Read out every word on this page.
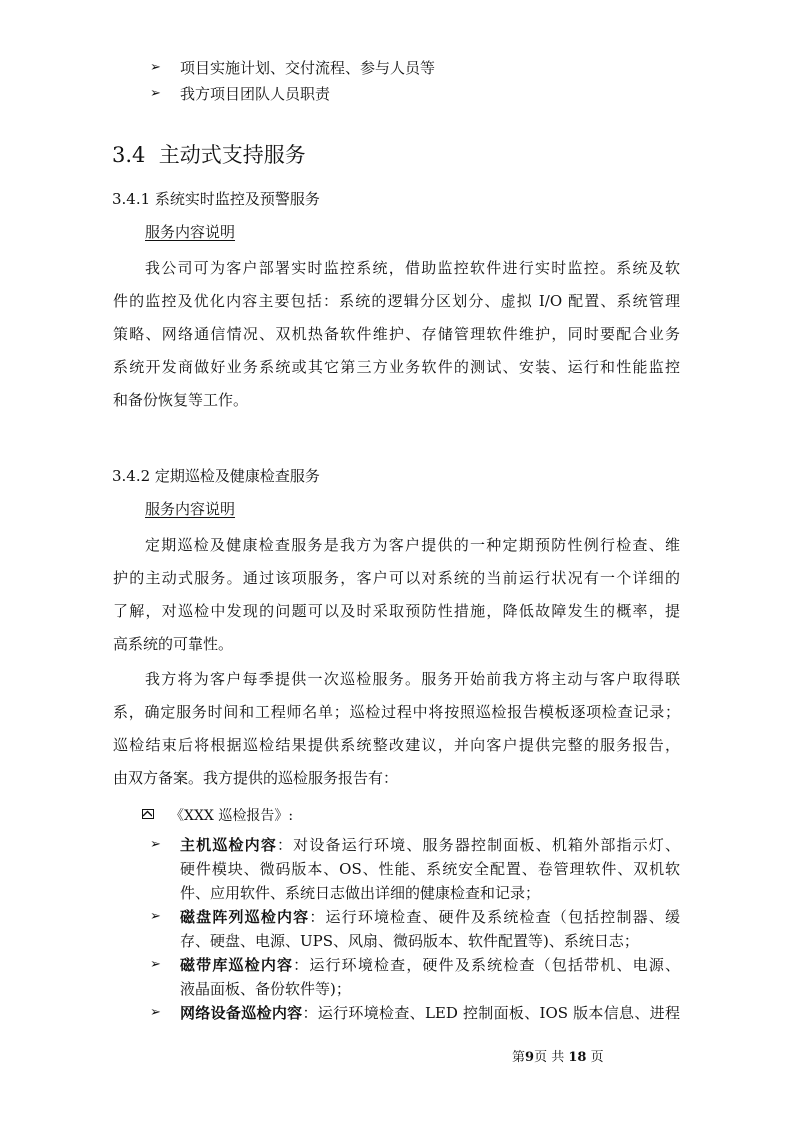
➢ 项目实施计划、交付流程、参与人员等
➢ 我方项目团队人员职责
3.4 主动式支持服务
3.4.1 系统实时监控及预警服务
服务内容说明
我公司可为客户部署实时监控系统，借助监控软件进行实时监控。系统及软
件的监控及优化内容主要包括：系统的逻辑分区划分、虚拟 I/O 配置、系统管理
策略、网络通信情况、双机热备软件维护、存储管理软件维护，同时要配合业务
系统开发商做好业务系统或其它第三方业务软件的测试、安装、运行和性能监控
和备份恢复等工作。
3.4.2 定期巡检及健康检查服务
服务内容说明
定期巡检及健康检查服务是我方为客户提供的一种定期预防性例行检查、维
护的主动式服务。通过该项服务，客户可以对系统的当前运行状况有一个详细的
了解，对巡检中发现的问题可以及时采取预防性措施，降低故障发生的概率，提
高系统的可靠性。
我方将为客户每季提供一次巡检服务。服务开始前我方将主动与客户取得联
系，确定服务时间和工程师名单；巡检过程中将按照巡检报告模板逐项检查记录；
巡检结束后将根据巡检结果提供系统整改建议，并向客户提供完整的服务报告，
由双方备案。我方提供的巡检服务报告有：
《XXX 巡检报告》:
➢ 主机巡检内容：对设备运行环境、服务器控制面板、机箱外部指示灯、
硬件模块、微码版本、OS、性能、系统安全配置、卷管理软件、双机软
件、应用软件、系统日志做出详细的健康检查和记录；
➢ 磁盘阵列巡检内容：运行环境检查、硬件及系统检查（包括控制器、缓
存、硬盘、电源、UPS、风扇、微码版本、软件配置等)、系统日志；
➢ 磁带库巡检内容：运行环境检查，硬件及系统检查（包括带机、电源、
液晶面板、备份软件等)；
➢ 网络设备巡检内容：运行环境检查、LED 控制面板、IOS 版本信息、进程
第9页 共 18 页
